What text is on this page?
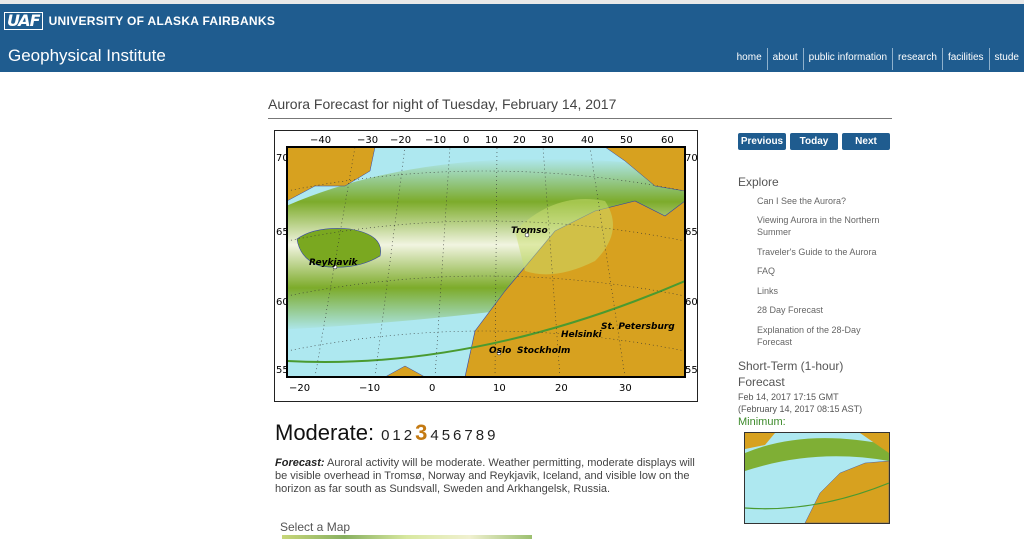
UAF UNIVERSITY OF ALASKA FAIRBANKS
Geophysical Institute	home	about	public information	research	facilities	stude
Aurora Forecast for night of Tuesday, February 14, 2017
Reykjavik
Tromso
Oslo Stockholm
Helsinki
St. Petersburg
−40	−30 −20 −10 0 10 20 30	40	50	60
−20	−10	0	10	20	30
70
65
60
55
70
65
60
55
Moderate: 0 1 2 3 4 5 6 7 8 9
Forecast: Auroral activity will be moderate. Weather permitting, moderate displays will be visible overhead in Tromsø, Norway and Reykjavik, Iceland, and visible low on the horizon as far south as Sundsvall, Sweden and Arkhangelsk, Russia.
Select a Map
Previous	Today	Next
Explore
Can I See the Aurora?
Viewing Aurora in the Northern Summer
Traveler's Guide to the Aurora
FAQ
Links
28 Day Forecast
Explanation of the 28-Day Forecast
Short-Term (1-hour)
Forecast
Feb 14, 2017 17:15 GMT
(February 14, 2017 08:15 AST)
Minimum:
